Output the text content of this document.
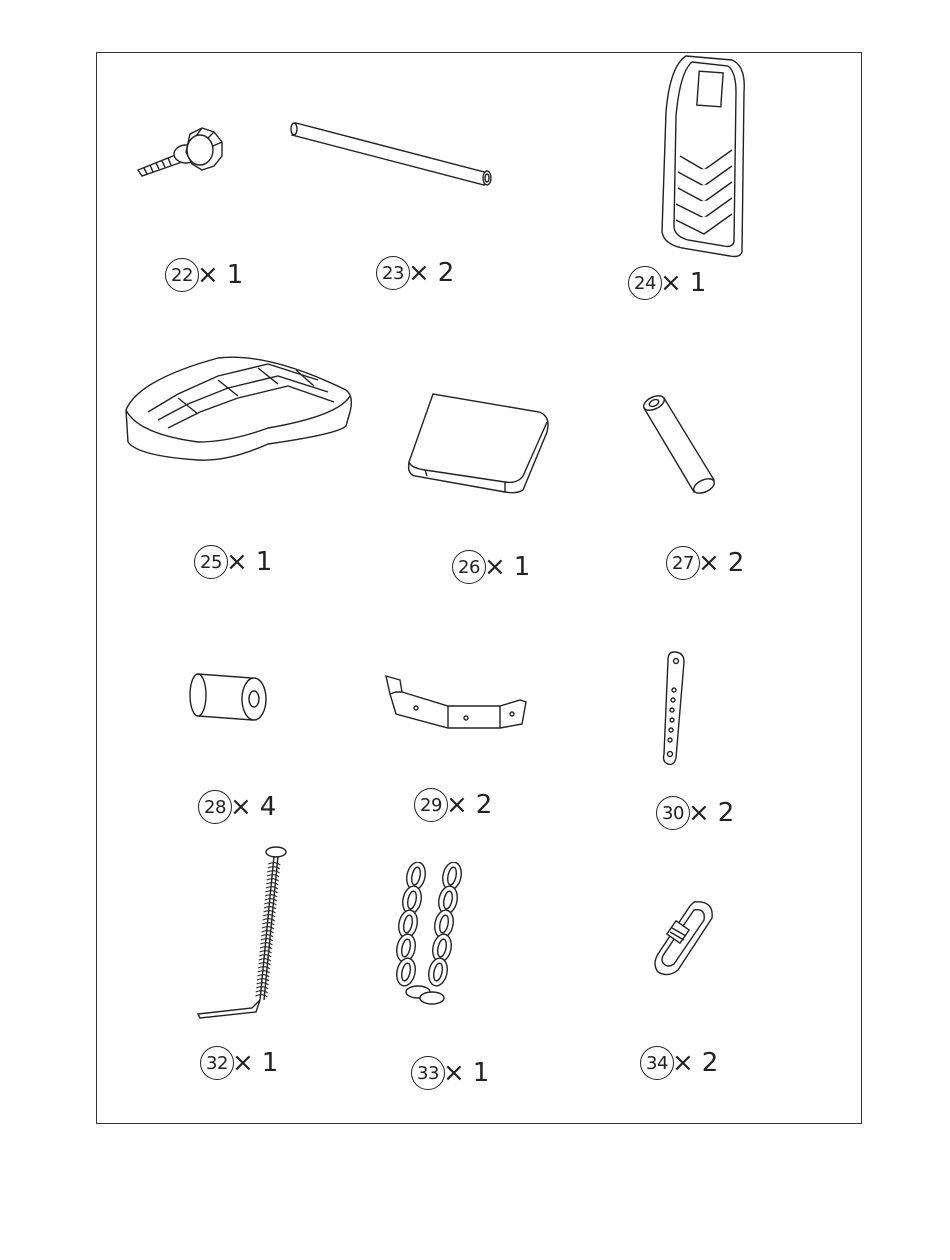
22 × 1	23 × 2	24 × 1
25 × 1	26 × 1	27 × 2
28 × 4	29 × 2	30 × 2
32 × 1	33 × 1	34 × 2
